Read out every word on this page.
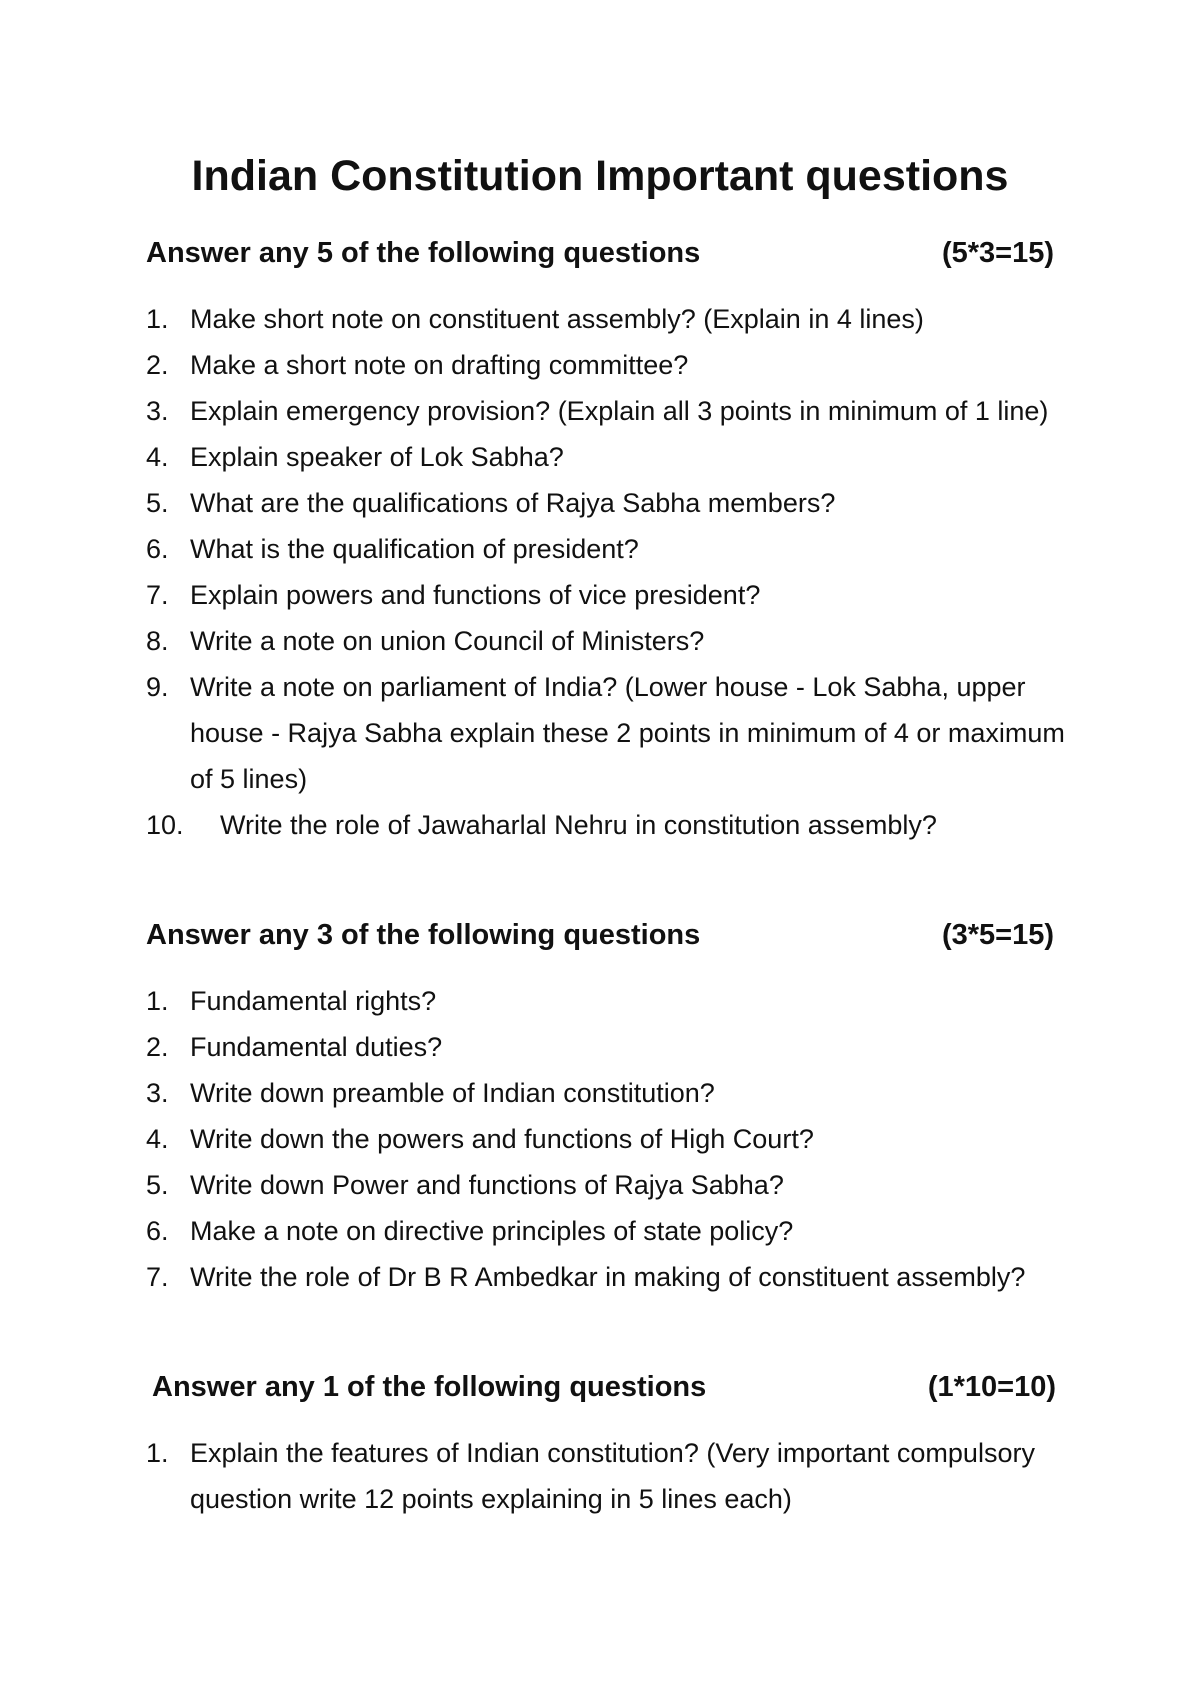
Indian Constitution Important questions
Answer any 5 of the following questions	(5*3=15)
1. Make short note on constituent assembly? (Explain in 4 lines)
2. Make a short note on drafting committee?
3. Explain emergency provision? (Explain all 3 points in minimum of 1 line)
4. Explain speaker of Lok Sabha?
5. What are the qualifications of Rajya Sabha members?
6. What is the qualification of president?
7. Explain powers and functions of vice president?
8. Write a note on union Council of Ministers?
9. Write a note on parliament of India? (Lower house - Lok Sabha, upper house - Rajya Sabha explain these 2 points in minimum of 4 or maximum of 5 lines)
10. Write the role of Jawaharlal Nehru in constitution assembly?
Answer any 3 of the following questions	(3*5=15)
1. Fundamental rights?
2. Fundamental duties?
3. Write down preamble of Indian constitution?
4. Write down the powers and functions of High Court?
5. Write down Power and functions of Rajya Sabha?
6. Make a note on directive principles of state policy?
7. Write the role of Dr B R Ambedkar in making of constituent assembly?
Answer any 1 of the following questions	(1*10=10)
1. Explain the features of Indian constitution? (Very important compulsory question write 12 points explaining in 5 lines each)
